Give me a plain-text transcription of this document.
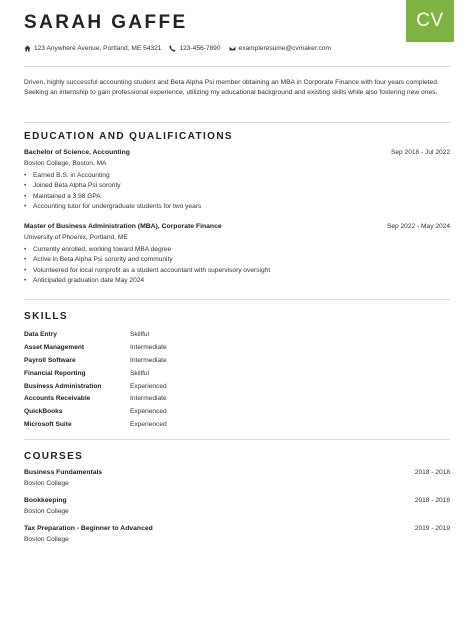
SARAH GAFFE	CV
123 Anywhere Avenue, Portland, ME 54321	123-456-7890	exampleresume@cvmaker.com
Driven, highly successful accounting student and Beta Alpha Psi member obtaining an MBA in Corporate Finance with four years completed. Seeking an internship to gain professional experience, utilizing my educational background and existing skills while also fostering new ones.
EDUCATION AND QUALIFICATIONS
Bachelor of Science, Accounting	Sep 2018 - Jul 2022
Boston College, Boston, MA
• Earned B.S. in Accounting
• Joined Beta Alpha Psi sorority
• Maintained a 3.98 GPA
• Accounting tutor for undergraduate students for two years
Master of Business Administration (MBA), Corporate Finance	Sep 2022 - May 2024
University of Phoenix, Portland, ME
• Currently enrolled, working toward MBA degree
• Active in Beta Alpha Psi sorority and community
• Volunteered for local nonprofit as a student accountant with supervisory oversight
• Anticipated graduation date May 2024
SKILLS
Data Entry	Skillful
Asset Management	Intermediate
Payroll Software	Intermediate
Financial Reporting	Skillful
Business Administration	Experienced
Accounts Receivable	Intermediate
QuickBooks	Experienced
Microsoft Suite	Experienced
COURSES
Business Fundamentals	2018 - 2018
Boston College
Bookkeeping	2018 - 2018
Boston College
Tax Preparation - Beginner to Advanced	2019 - 2019
Boston College
